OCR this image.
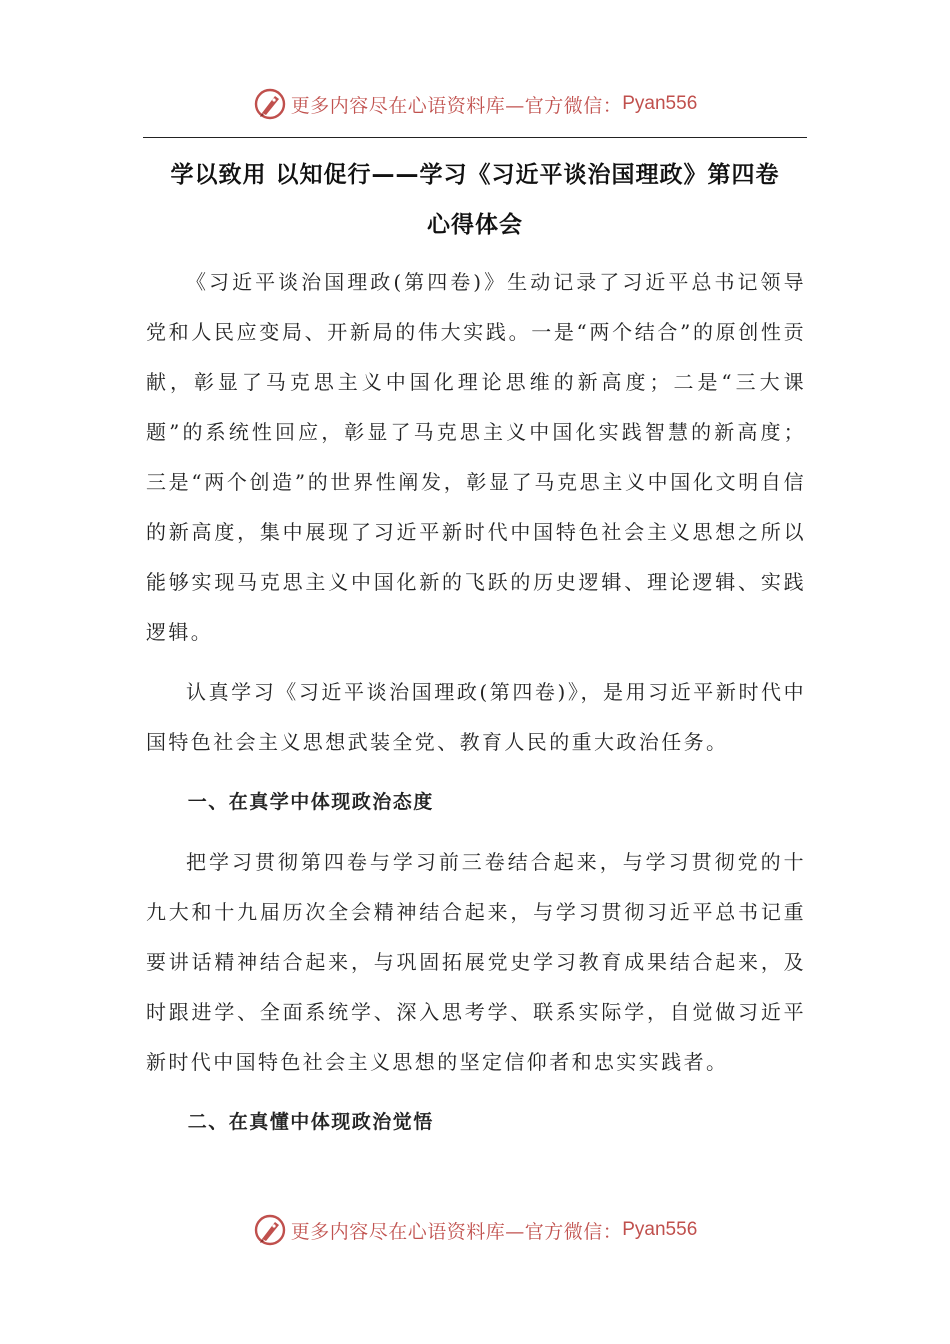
更多内容尽在心语资料库—官方微信： Pyan556
学以致用 以知促行——学习《习近平谈治国理政》第四卷
心得体会

《习近平谈治国理政(第四卷)》生动记录了习近平总书记领导党和人民应变局、开新局的伟大实践。一是“两个结合”的原创性贡献，彰显了马克思主义中国化理论思维的新高度；二是“三大课题”的系统性回应，彰显了马克思主义中国化实践智慧的新高度；三是“两个创造”的世界性阐发，彰显了马克思主义中国化文明自信的新高度，集中展现了习近平新时代中国特色社会主义思想之所以能够实现马克思主义中国化新的飞跃的历史逻辑、理论逻辑、实践逻辑。

认真学习《习近平谈治国理政(第四卷)》，是用习近平新时代中国特色社会主义思想武装全党、教育人民的重大政治任务。

一、在真学中体现政治态度

把学习贯彻第四卷与学习前三卷结合起来，与学习贯彻党的十九大和十九届历次全会精神结合起来，与学习贯彻习近平总书记重要讲话精神结合起来，与巩固拓展党史学习教育成果结合起来，及时跟进学、全面系统学、深入思考学、联系实际学，自觉做习近平新时代中国特色社会主义思想的坚定信仰者和忠实实践者。

二、在真懂中体现政治觉悟

更多内容尽在心语资料库—官方微信： Pyan556
